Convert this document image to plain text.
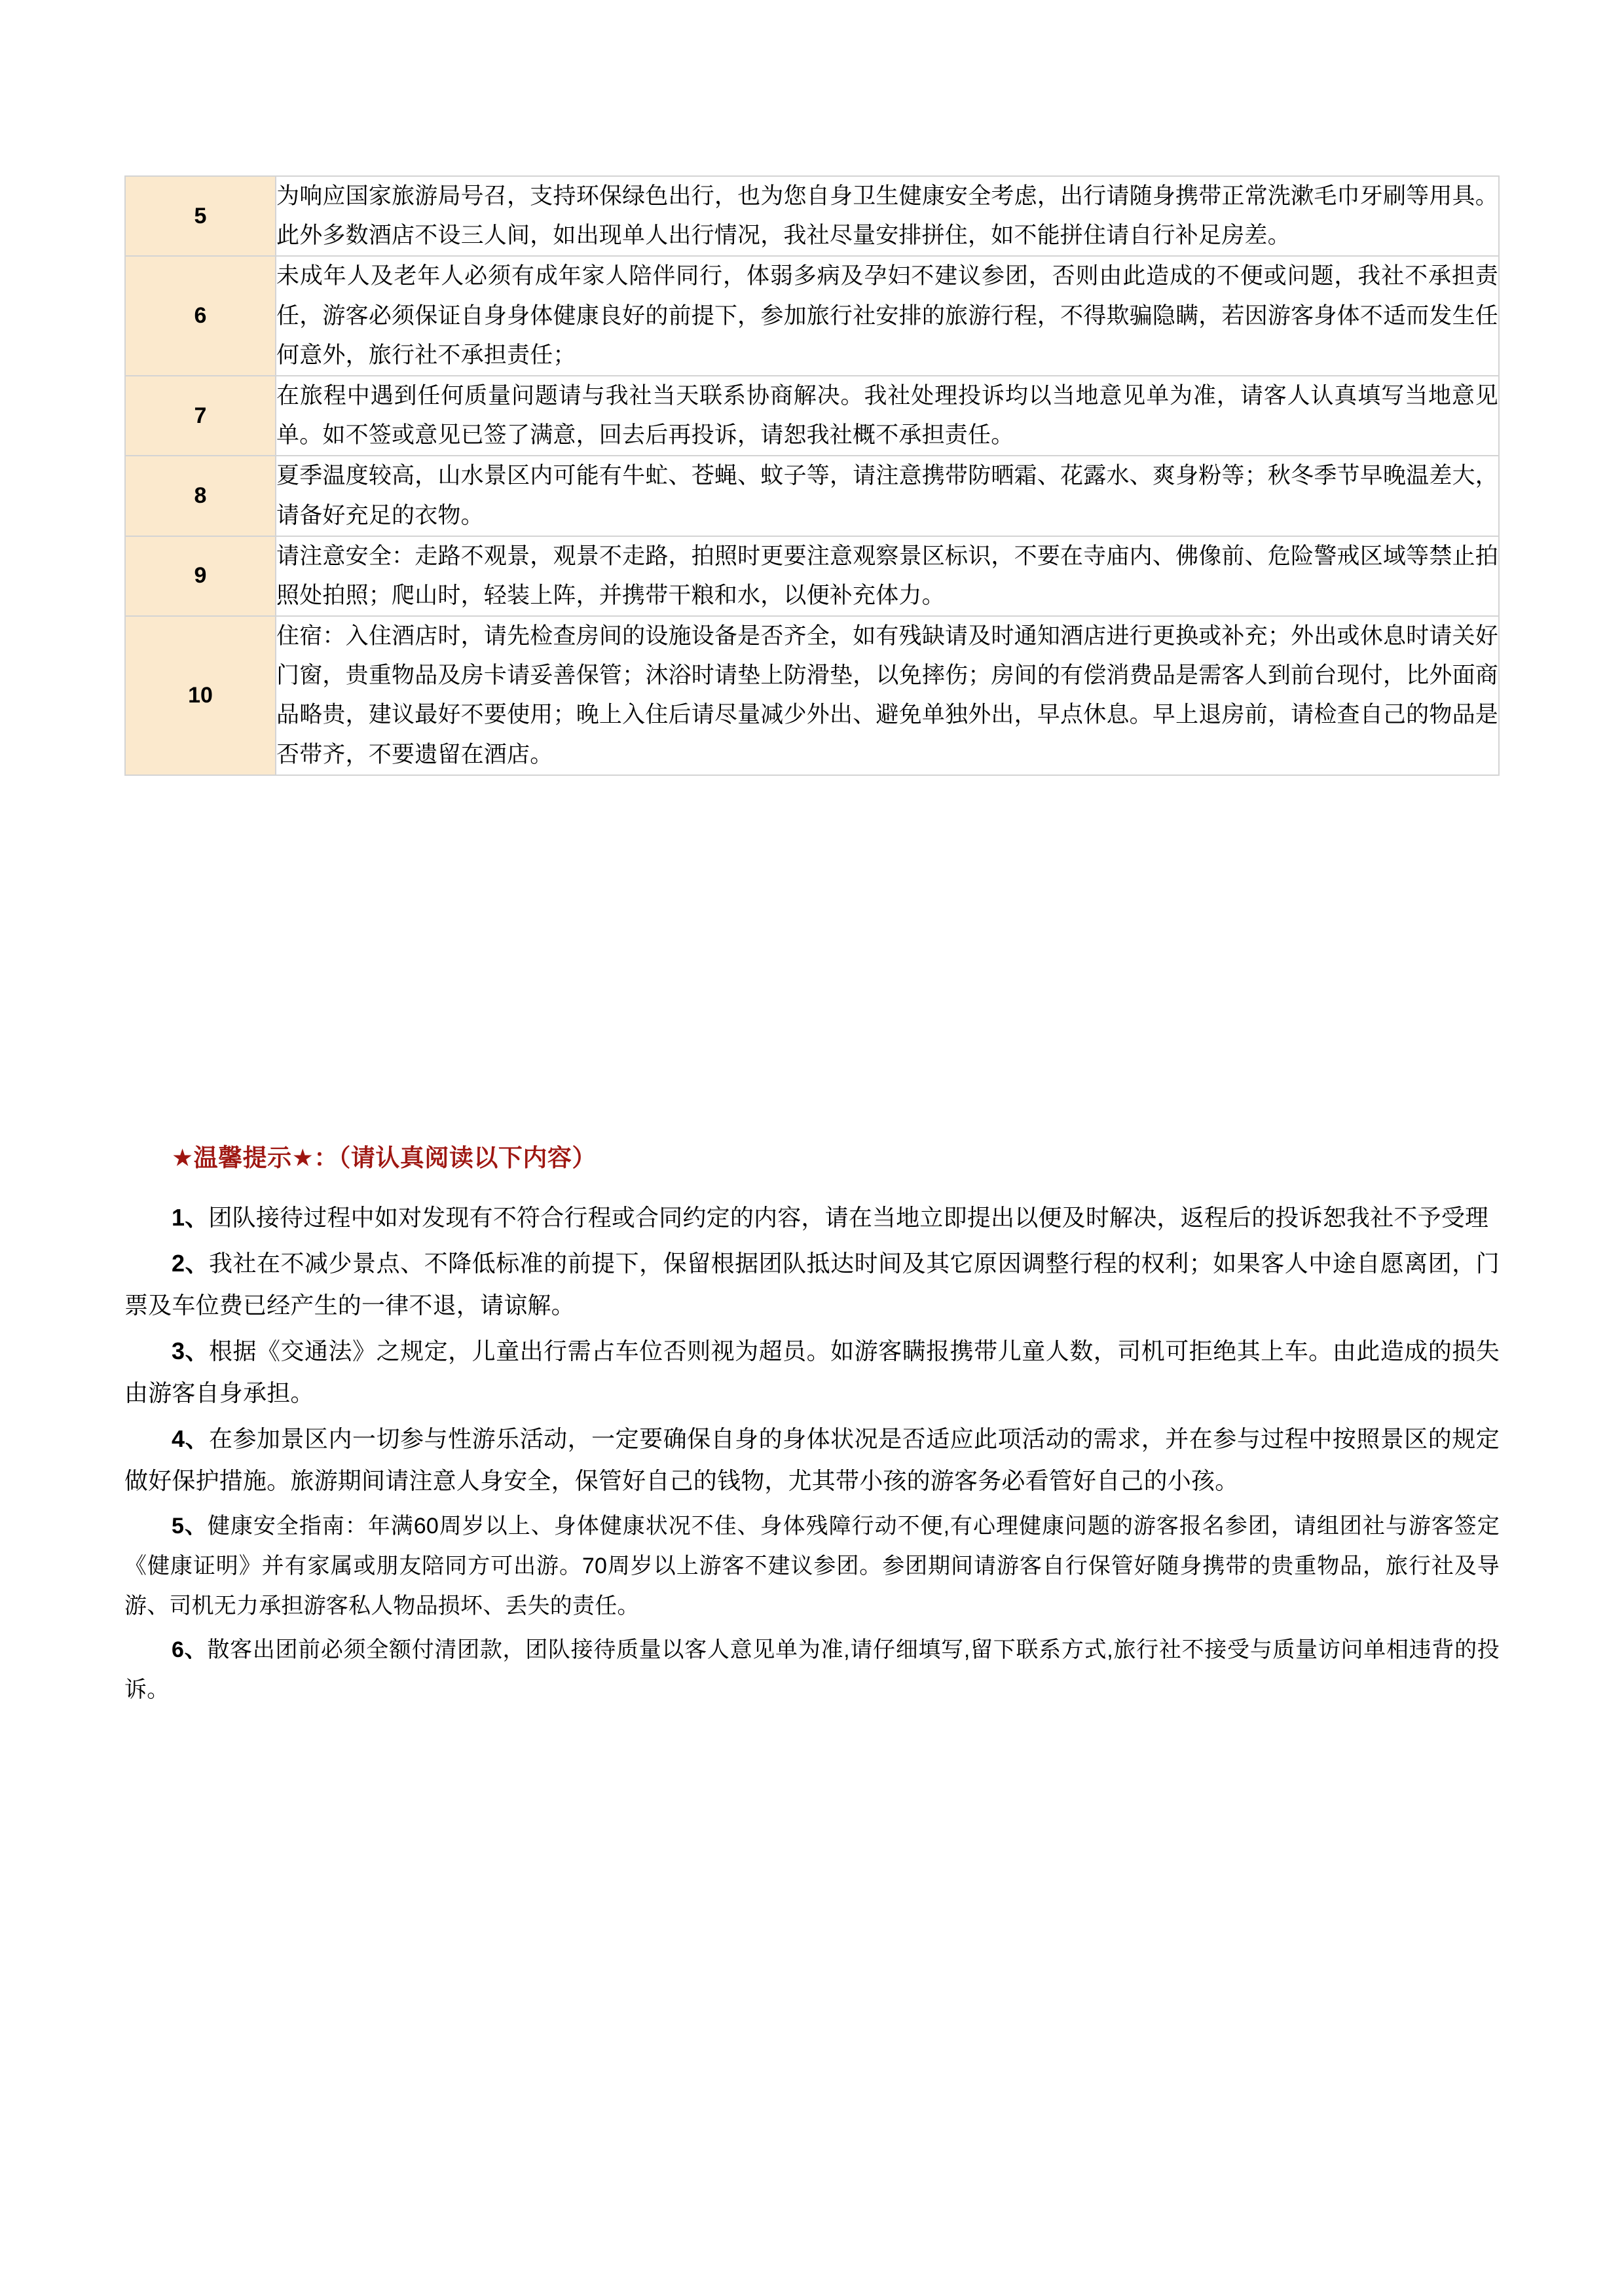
5	为响应国家旅游局号召，支持环保绿色出行，也为您自身卫生健康安全考虑，出行请随身携带正常洗漱毛巾牙刷等用具。此外多数酒店不设三人间，如出现单人出行情况，我社尽量安排拼住，如不能拼住请自行补足房差。

6	未成年人及老年人必须有成年家人陪伴同行，体弱多病及孕妇不建议参团，否则由此造成的不便或问题，我社不承担责任，游客必须保证自身身体健康良好的前提下，参加旅行社安排的旅游行程，不得欺骗隐瞒，若因游客身体不适而发生任何意外，旅行社不承担责任；

7	在旅程中遇到任何质量问题请与我社当天联系协商解决。我社处理投诉均以当地意见单为准，请客人认真填写当地意见单。如不签或意见已签了满意，回去后再投诉，请恕我社概不承担责任。

8	夏季温度较高，山水景区内可能有牛虻、苍蝇、蚊子等，请注意携带防晒霜、花露水、爽身粉等；秋冬季节早晚温差大，请备好充足的衣物。

9	请注意安全：走路不观景，观景不走路，拍照时更要注意观察景区标识，不要在寺庙内、佛像前、危险警戒区域等禁止拍照处拍照；爬山时，轻装上阵，并携带干粮和水，以便补充体力。

10	住宿：入住酒店时，请先检查房间的设施设备是否齐全，如有残缺请及时通知酒店进行更换或补充；外出或休息时请关好门窗，贵重物品及房卡请妥善保管；沐浴时请垫上防滑垫，以免摔伤；房间的有偿消费品是需客人到前台现付，比外面商品略贵，建议最好不要使用；晚上入住后请尽量减少外出、避免单独外出，早点休息。早上退房前，请检查自己的物品是否带齐，不要遗留在酒店。

★温馨提示★：（请认真阅读以下内容）

1、团队接待过程中如对发现有不符合行程或合同约定的内容，请在当地立即提出以便及时解决，返程后的投诉恕我社不予受理

2、我社在不减少景点、不降低标准的前提下，保留根据团队抵达时间及其它原因调整行程的权利；如果客人中途自愿离团，门票及车位费已经产生的一律不退，请谅解。

3、根据《交通法》之规定，儿童出行需占车位否则视为超员。如游客瞒报携带儿童人数，司机可拒绝其上车。由此造成的损失由游客自身承担。

4、在参加景区内一切参与性游乐活动，一定要确保自身的身体状况是否适应此项活动的需求，并在参与过程中按照景区的规定做好保护措施。旅游期间请注意人身安全，保管好自己的钱物，尤其带小孩的游客务必看管好自己的小孩。

5、健康安全指南：年满60周岁以上、身体健康状况不佳、身体残障行动不便,有心理健康问题的游客报名参团，请组团社与游客签定《健康证明》并有家属或朋友陪同方可出游。70周岁以上游客不建议参团。参团期间请游客自行保管好随身携带的贵重物品，旅行社及导游、司机无力承担游客私人物品损坏、丢失的责任。

6、散客出团前必须全额付清团款，团队接待质量以客人意见单为准,请仔细填写,留下联系方式,旅行社不接受与质量访问单相违背的投诉。
